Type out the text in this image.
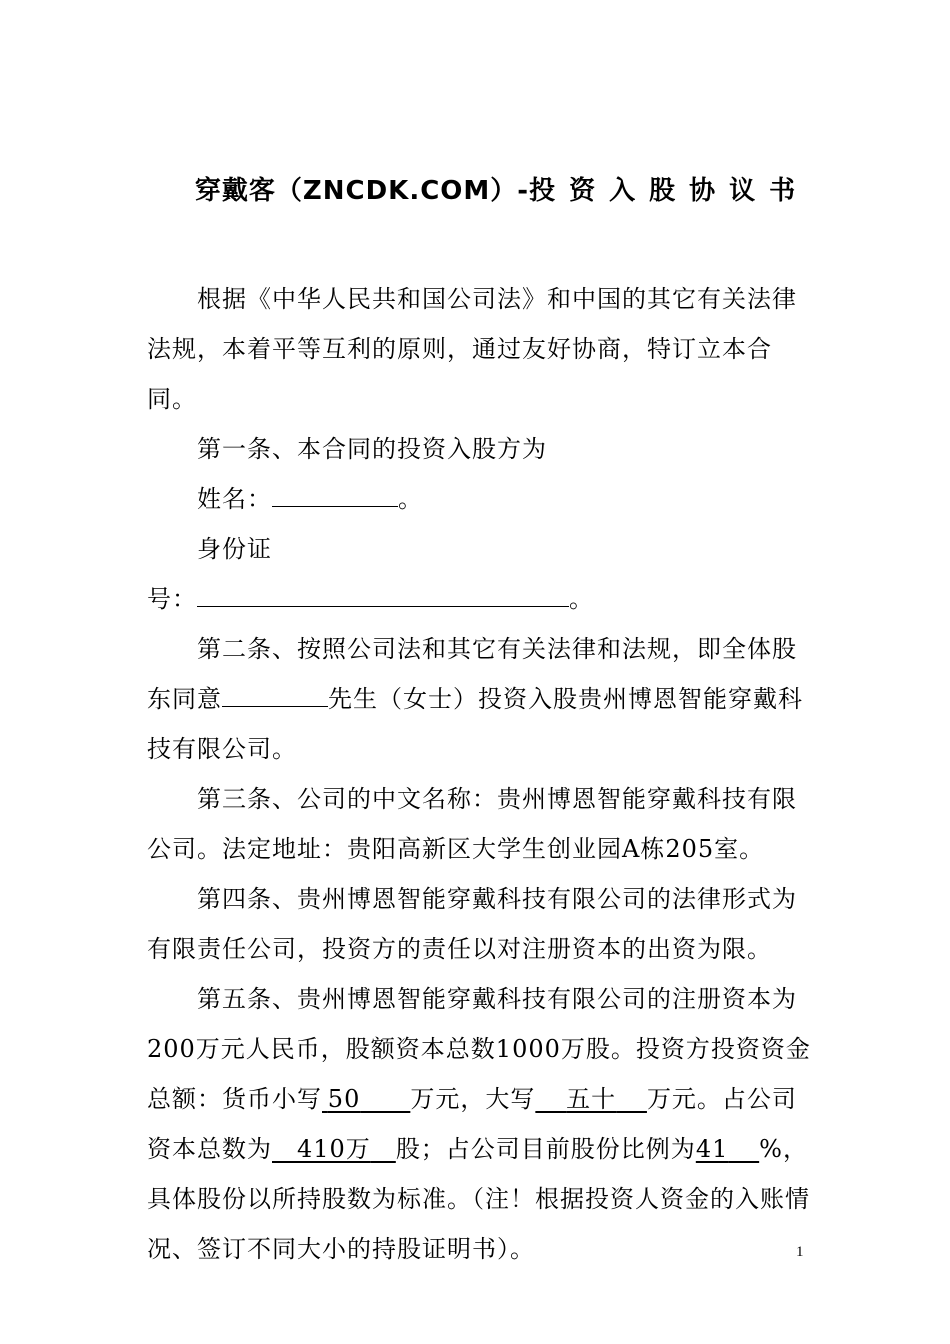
穿戴客（ZNCDK.COM）-投资入股协议书

根据《中华人民共和国公司法》和中国的其它有关法律法规，本着平等互利的原则，通过友好协商，特订立本合同。

第一条、本合同的投资入股方为

姓名：	。

身份证

号：	。

第二条、按照公司法和其它有关法律和法规，即全体股东同意	先生（女士）投资入股贵州博恩智能穿戴科技有限公司。

第三条、公司的中文名称：贵州博恩智能穿戴科技有限公司。法定地址：贵阳高新区大学生创业园A栋205室。

第四条、贵州博恩智能穿戴科技有限公司的法律形式为有限责任公司，投资方的责任以对注册资本的出资为限。

第五条、贵州博恩智能穿戴科技有限公司的注册资本为200万元人民币，股额资本总数1000万股。投资方投资资金总额：货币小写  50   万元，大写   五十   万元。占公司资本总数为  410万  股；占公司目前股份比例为41   %，具体股份以所持股数为标准。（注！根据投资人资金的入账情况、签订不同大小的持股证明书）。	1
